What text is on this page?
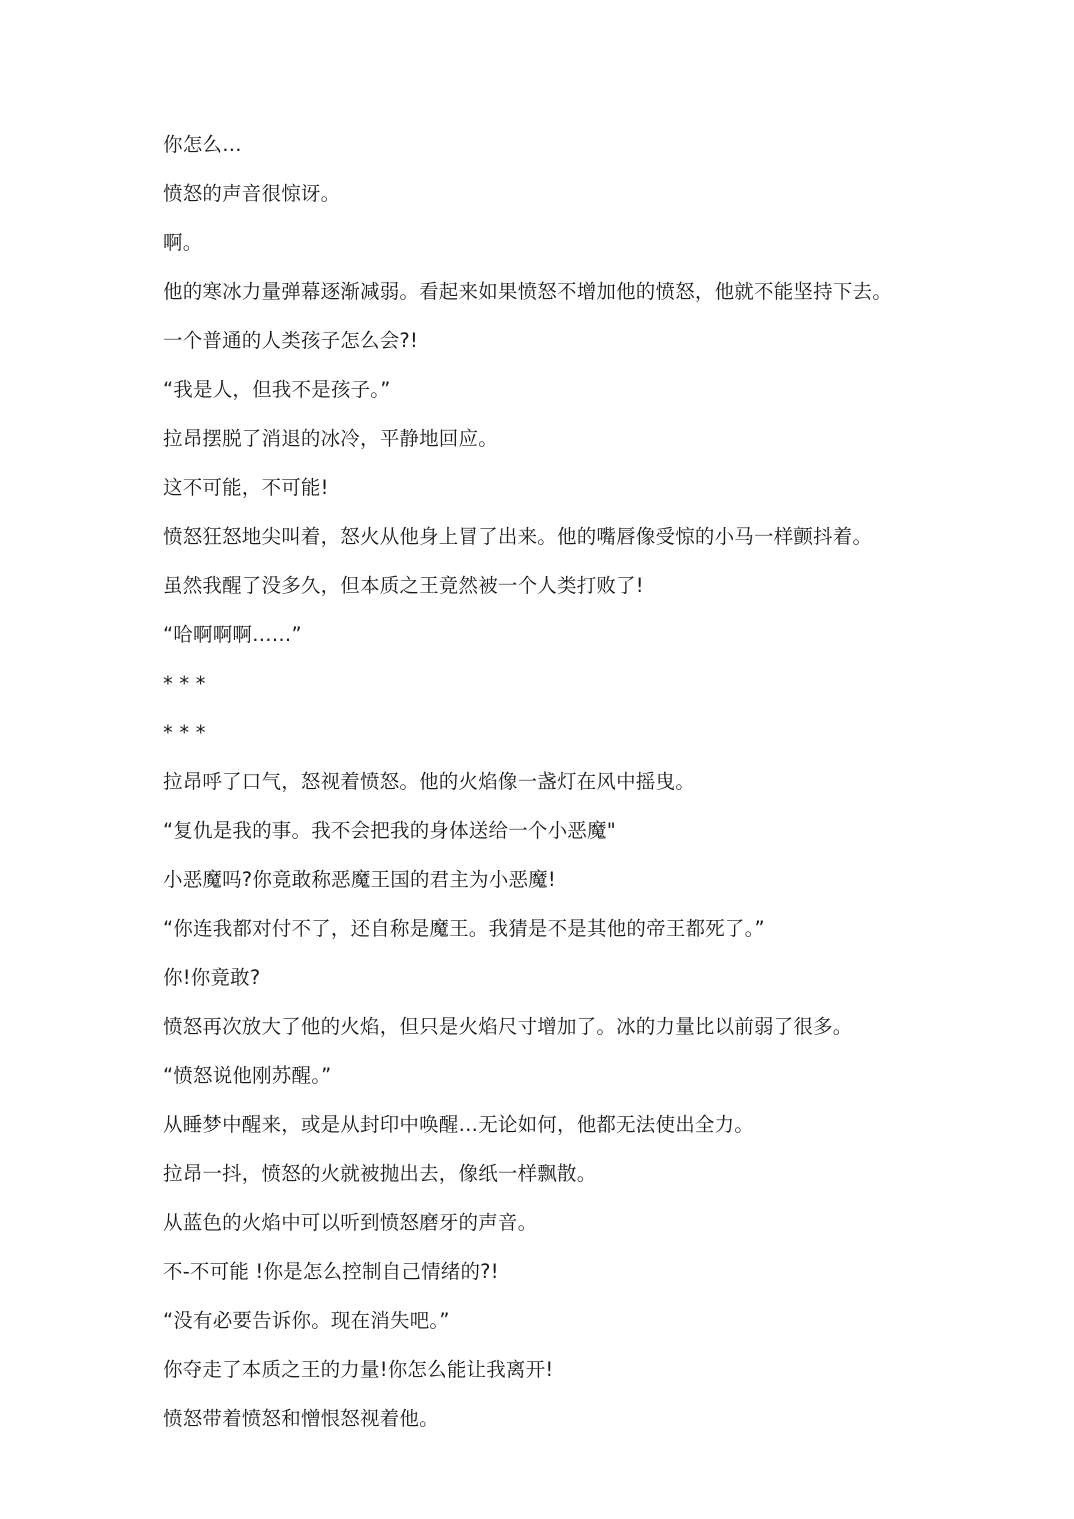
你怎么…

愤怒的声音很惊讶。

啊。

他的寒冰力量弹幕逐渐减弱。看起来如果愤怒不增加他的愤怒，他就不能坚持下去。

一个普通的人类孩子怎么会?!

“我是人，但我不是孩子。”

拉昂摆脱了消退的冰冷，平静地回应。

这不可能，不可能!

愤怒狂怒地尖叫着，怒火从他身上冒了出来。他的嘴唇像受惊的小马一样颤抖着。

虽然我醒了没多久，但本质之王竟然被一个人类打败了!

“哈啊啊啊……”

* * *

* * *

拉昂呼了口气，怒视着愤怒。他的火焰像一盏灯在风中摇曳。

“复仇是我的事。我不会把我的身体送给一个小恶魔"

小恶魔吗?你竟敢称恶魔王国的君主为小恶魔!

“你连我都对付不了，还自称是魔王。我猜是不是其他的帝王都死了。”

你!你竟敢?

愤怒再次放大了他的火焰，但只是火焰尺寸增加了。冰的力量比以前弱了很多。

“愤怒说他刚苏醒。”

从睡梦中醒来，或是从封印中唤醒…无论如何，他都无法使出全力。

拉昂一抖，愤怒的火就被抛出去，像纸一样飘散。

从蓝色的火焰中可以听到愤怒磨牙的声音。

不-不可能 !你是怎么控制自己情绪的?!

“没有必要告诉你。现在消失吧。”

你夺走了本质之王的力量!你怎么能让我离开!

愤怒带着愤怒和憎恨怒视着他。
